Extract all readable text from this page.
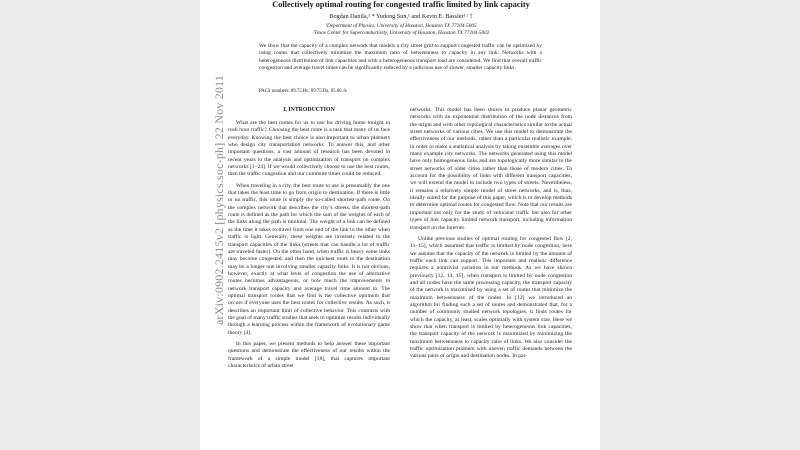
arXiv:0902.2415v2 [physics.soc-ph] 22 Nov 2011
Collectively optimal routing for congested traffic limited by link capacity
Bogdan Danila,¹ * Yudong Sun,¹ and Kevin E. Bassler¹ ʲ †
¹Department of Physics, University of Houston, Houston TX 77204-5005
²Texas Center for Superconductivity, University of Houston, Houston TX 77204-5002
We show that the capacity of a complex network that models a city street grid to support congested traffic can be optimized by using routes that collectively minimize the maximum ratio of betweenness to capacity in any link. Networks with a heterogeneous distribution of link capacities and with a heterogeneous transport load are considered. We find that overall traffic congestion and average travel times can be significantly reduced by a judicious use of slower, smaller capacity links.
PACS numbers: 89.75.Hc, 89.75.Da, 05.60.-k
I. INTRODUCTION

What are the best routes for us to use for driving home tonight in rush hour traffic? Choosing the best route is a task that many of us face everyday. Knowing the best choice is also important to urban planners who design city transportation networks. To answer this, and other important questions, a vast amount of research has been devoted in recent years to the analysis and optimization of transport on complex networks [1–24]. If we would collectively choose to use the best routes, then the traffic congestion and our commute times could be reduced.

When traveling in a city, the best route to use is presumably the one that takes the least time to go from origin to destination. If there is little or no traffic, this route is simply the so-called shortest-path route. On the complex network that describes the city’s streets, the shortest-path route is defined as the path for which the sum of the weights of each of the links along the path is minimal. The weight of a link can be defined as the time it takes to travel from one end of the link to the other when traffic is light. Generally, these weights are inversely related to the transport capacities of the links (streets that can handle a lot of traffic are traveled faster). On the other hand, when traffic is heavy some links may become congested, and then the quickest route to the destination may be a longer one involving smaller capacity links. It is not obvious, however, exactly at what level of congestion the use of alternative routes becomes advantageous, or how much the improvements in network transport capacity and average travel time amount to. The optimal transport routes that we find is the collective optimum that occurs if everyone uses the best routes for collective results. As such, it describes an important limit of collective behavior. This contrasts with the goal of many traffic studies that seek to optimize results individually through a learning process within the framework of evolutionary game theory [4].

In this paper, we present methods to help answer these important questions and demonstrate the effectiveness of our results within the framework of a simple model [18], that captures important characteristics of urban street

networks. This model has been shown to produce planar geometric networks with an exponential distribution of the node distances from the origin and with other topological characteristics similar to the actual street networks of various cities. We use this model to demonstrate the effectiveness of our methods, rather than a particular realistic example, in order to make a statistical analysis by taking ensemble averages over many example city networks. The networks generated using this model have only homogeneous links and are topologically more similar to the street networks of older cities rather than those of modern cities. To account for the possibility of links with different transport capacities, we will extend the model to include two types of streets. Nevertheless, it remains a relatively simple model of street networks, and is, thus, ideally suited for the purpose of this paper, which is to develop methods to determine optimal routes for congested flow. Note that our results are important not only for the study of vehicular traffic but also for other types of link capacity limited network transport, including information transport on the Internet.

Unlike previous studies of optimal routing for congested flow [2, 11–15], which assumed that traffic is limited by node congestion, here we assume that the capacity of the network is limited by the amount of traffic each link can support. This important and realistic difference requires a nontrivial variation in our methods. As we have shown previously [12, 14, 15], when transport is limited by node congestion and all nodes have the same processing capacity, the transport capacity of the network is maximized by using a set of routes that minimize the maximum betweenness of the nodes. In [12] we introduced an algorithm for finding such a set of routes and demonstrated that, for a number of commonly studied network topologies, it finds routes for which the capacity, at least, scales optimally with system size. Here we show that when transport is limited by heterogeneous link capacities, the transport capacity of the network is maximized by minimizing the maximum betweenness to capacity ratio of links. We also consider the traffic optimization problem with uneven traffic demands between the various pairs of origin and destination nodes. In par-
